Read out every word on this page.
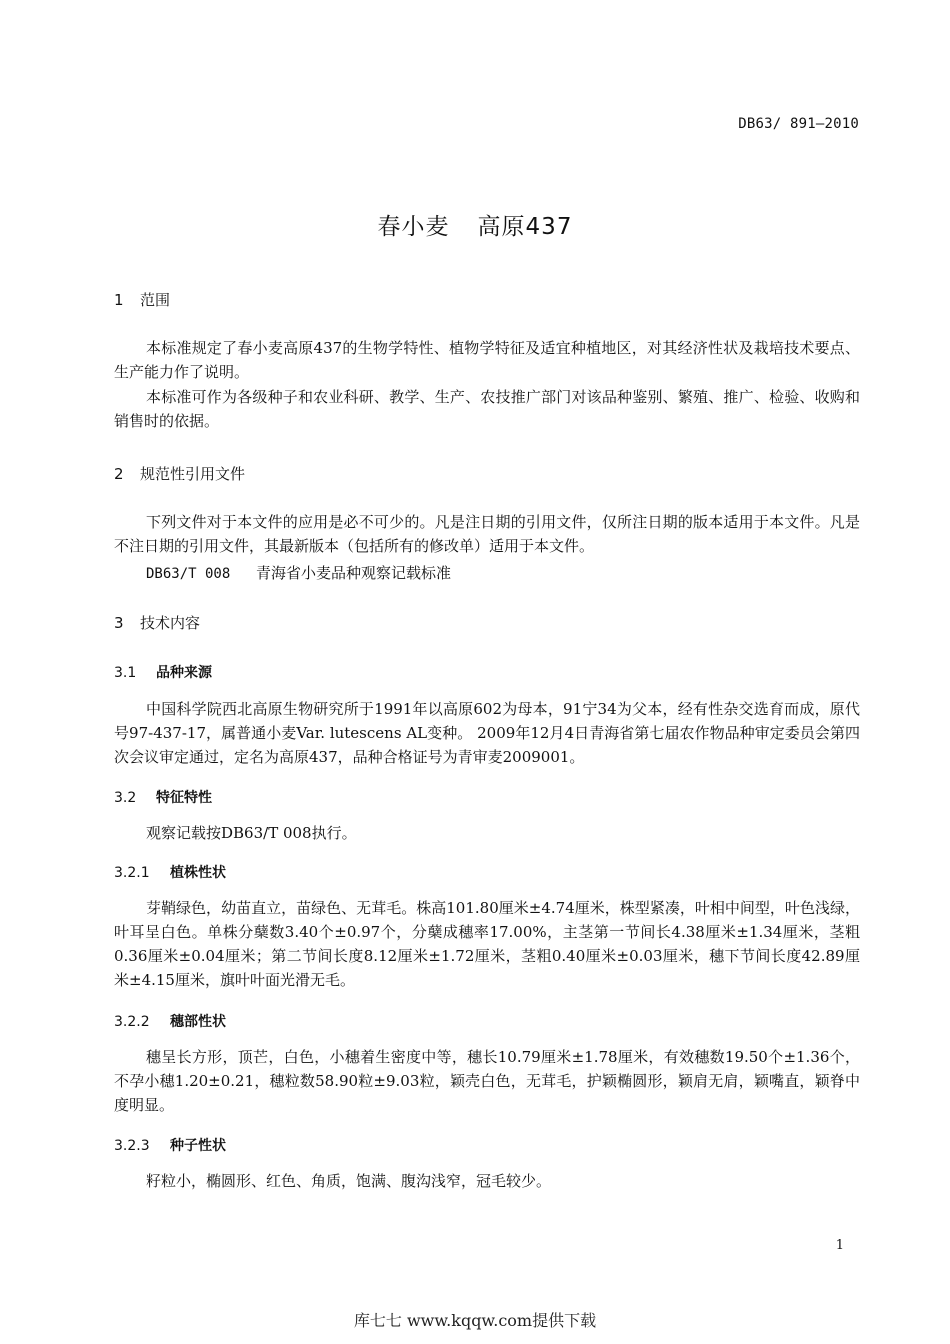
DB63/ 891—2010
春小麦 高原437
1 范围
本标准规定了春小麦高原437的生物学特性、植物学特征及适宜种植地区，对其经济性状及栽培技术要点、生产能力作了说明。
本标准可作为各级种子和农业科研、教学、生产、农技推广部门对该品种鉴别、繁殖、推广、检验、收购和销售时的依据。
2 规范性引用文件
下列文件对于本文件的应用是必不可少的。凡是注日期的引用文件，仅所注日期的版本适用于本文件。凡是不注日期的引用文件，其最新版本（包括所有的修改单）适用于本文件。
DB63/T 008 青海省小麦品种观察记载标准
3 技术内容
3.1 品种来源
中国科学院西北高原生物研究所于1991年以高原602为母本，91宁34为父本，经有性杂交选育而成，原代号97-437-17，属普通小麦Var. lutescens AL变种。 2009年12月4日青海省第七届农作物品种审定委员会第四次会议审定通过，定名为高原437，品种合格证号为青审麦2009001。
3.2 特征特性
观察记载按DB63/T 008执行。
3.2.1 植株性状
芽鞘绿色，幼苗直立，苗绿色、无茸毛。株高101.80厘米±4.74厘米，株型紧凑，叶相中间型，叶色浅绿，叶耳呈白色。单株分蘖数3.40个±0.97个，分蘖成穗率17.00%，主茎第一节间长4.38厘米±1.34厘米，茎粗0.36厘米±0.04厘米；第二节间长度8.12厘米±1.72厘米，茎粗0.40厘米±0.03厘米，穗下节间长度42.89厘米±4.15厘米，旗叶叶面光滑无毛。
3.2.2 穗部性状
穗呈长方形，顶芒，白色，小穗着生密度中等，穗长10.79厘米±1.78厘米，有效穗数19.50个±1.36个，不孕小穗1.20±0.21，穗粒数58.90粒±9.03粒，颖壳白色，无茸毛，护颖椭圆形，颖肩无肩，颖嘴直，颖脊中度明显。
3.2.3 种子性状
籽粒小，椭圆形、红色、角质，饱满、腹沟浅窄，冠毛较少。
1
库七七 www.kqqw.com提供下载
